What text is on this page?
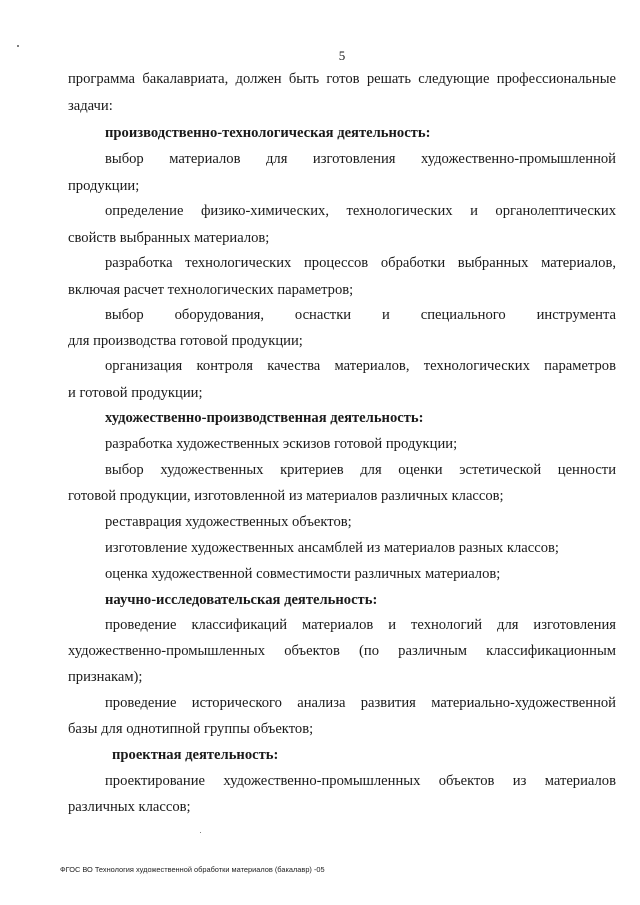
5
программа бакалавриата, должен быть готов решать следующие профессиональные
задачи:
производственно-технологическая деятельность:
выбор материалов для изготовления художественно-промышленной
продукции;
определение физико-химических, технологических и органолептических
свойств выбранных материалов;
разработка технологических процессов обработки выбранных материалов,
включая расчет технологических параметров;
выбор оборудования, оснастки и специального инструмента
для производства готовой продукции;
организация контроля качества материалов, технологических параметров
и готовой продукции;
художественно-производственная деятельность:
разработка художественных эскизов готовой продукции;
выбор художественных критериев для оценки эстетической ценности
готовой продукции, изготовленной из материалов различных классов;
реставрация художественных объектов;
изготовление художественных ансамблей из материалов разных классов;
оценка художественной совместимости различных материалов;
научно-исследовательская деятельность:
проведение классификаций материалов и технологий для изготовления
художественно-промышленных объектов (по различным классификационным
признакам);
проведение исторического анализа развития материально-художественной
базы для однотипной группы объектов;
проектная деятельность:
проектирование художественно-промышленных объектов из материалов
различных классов;
ФГОС ВО Технология художественной обработки материалов (бакалавр) -05
